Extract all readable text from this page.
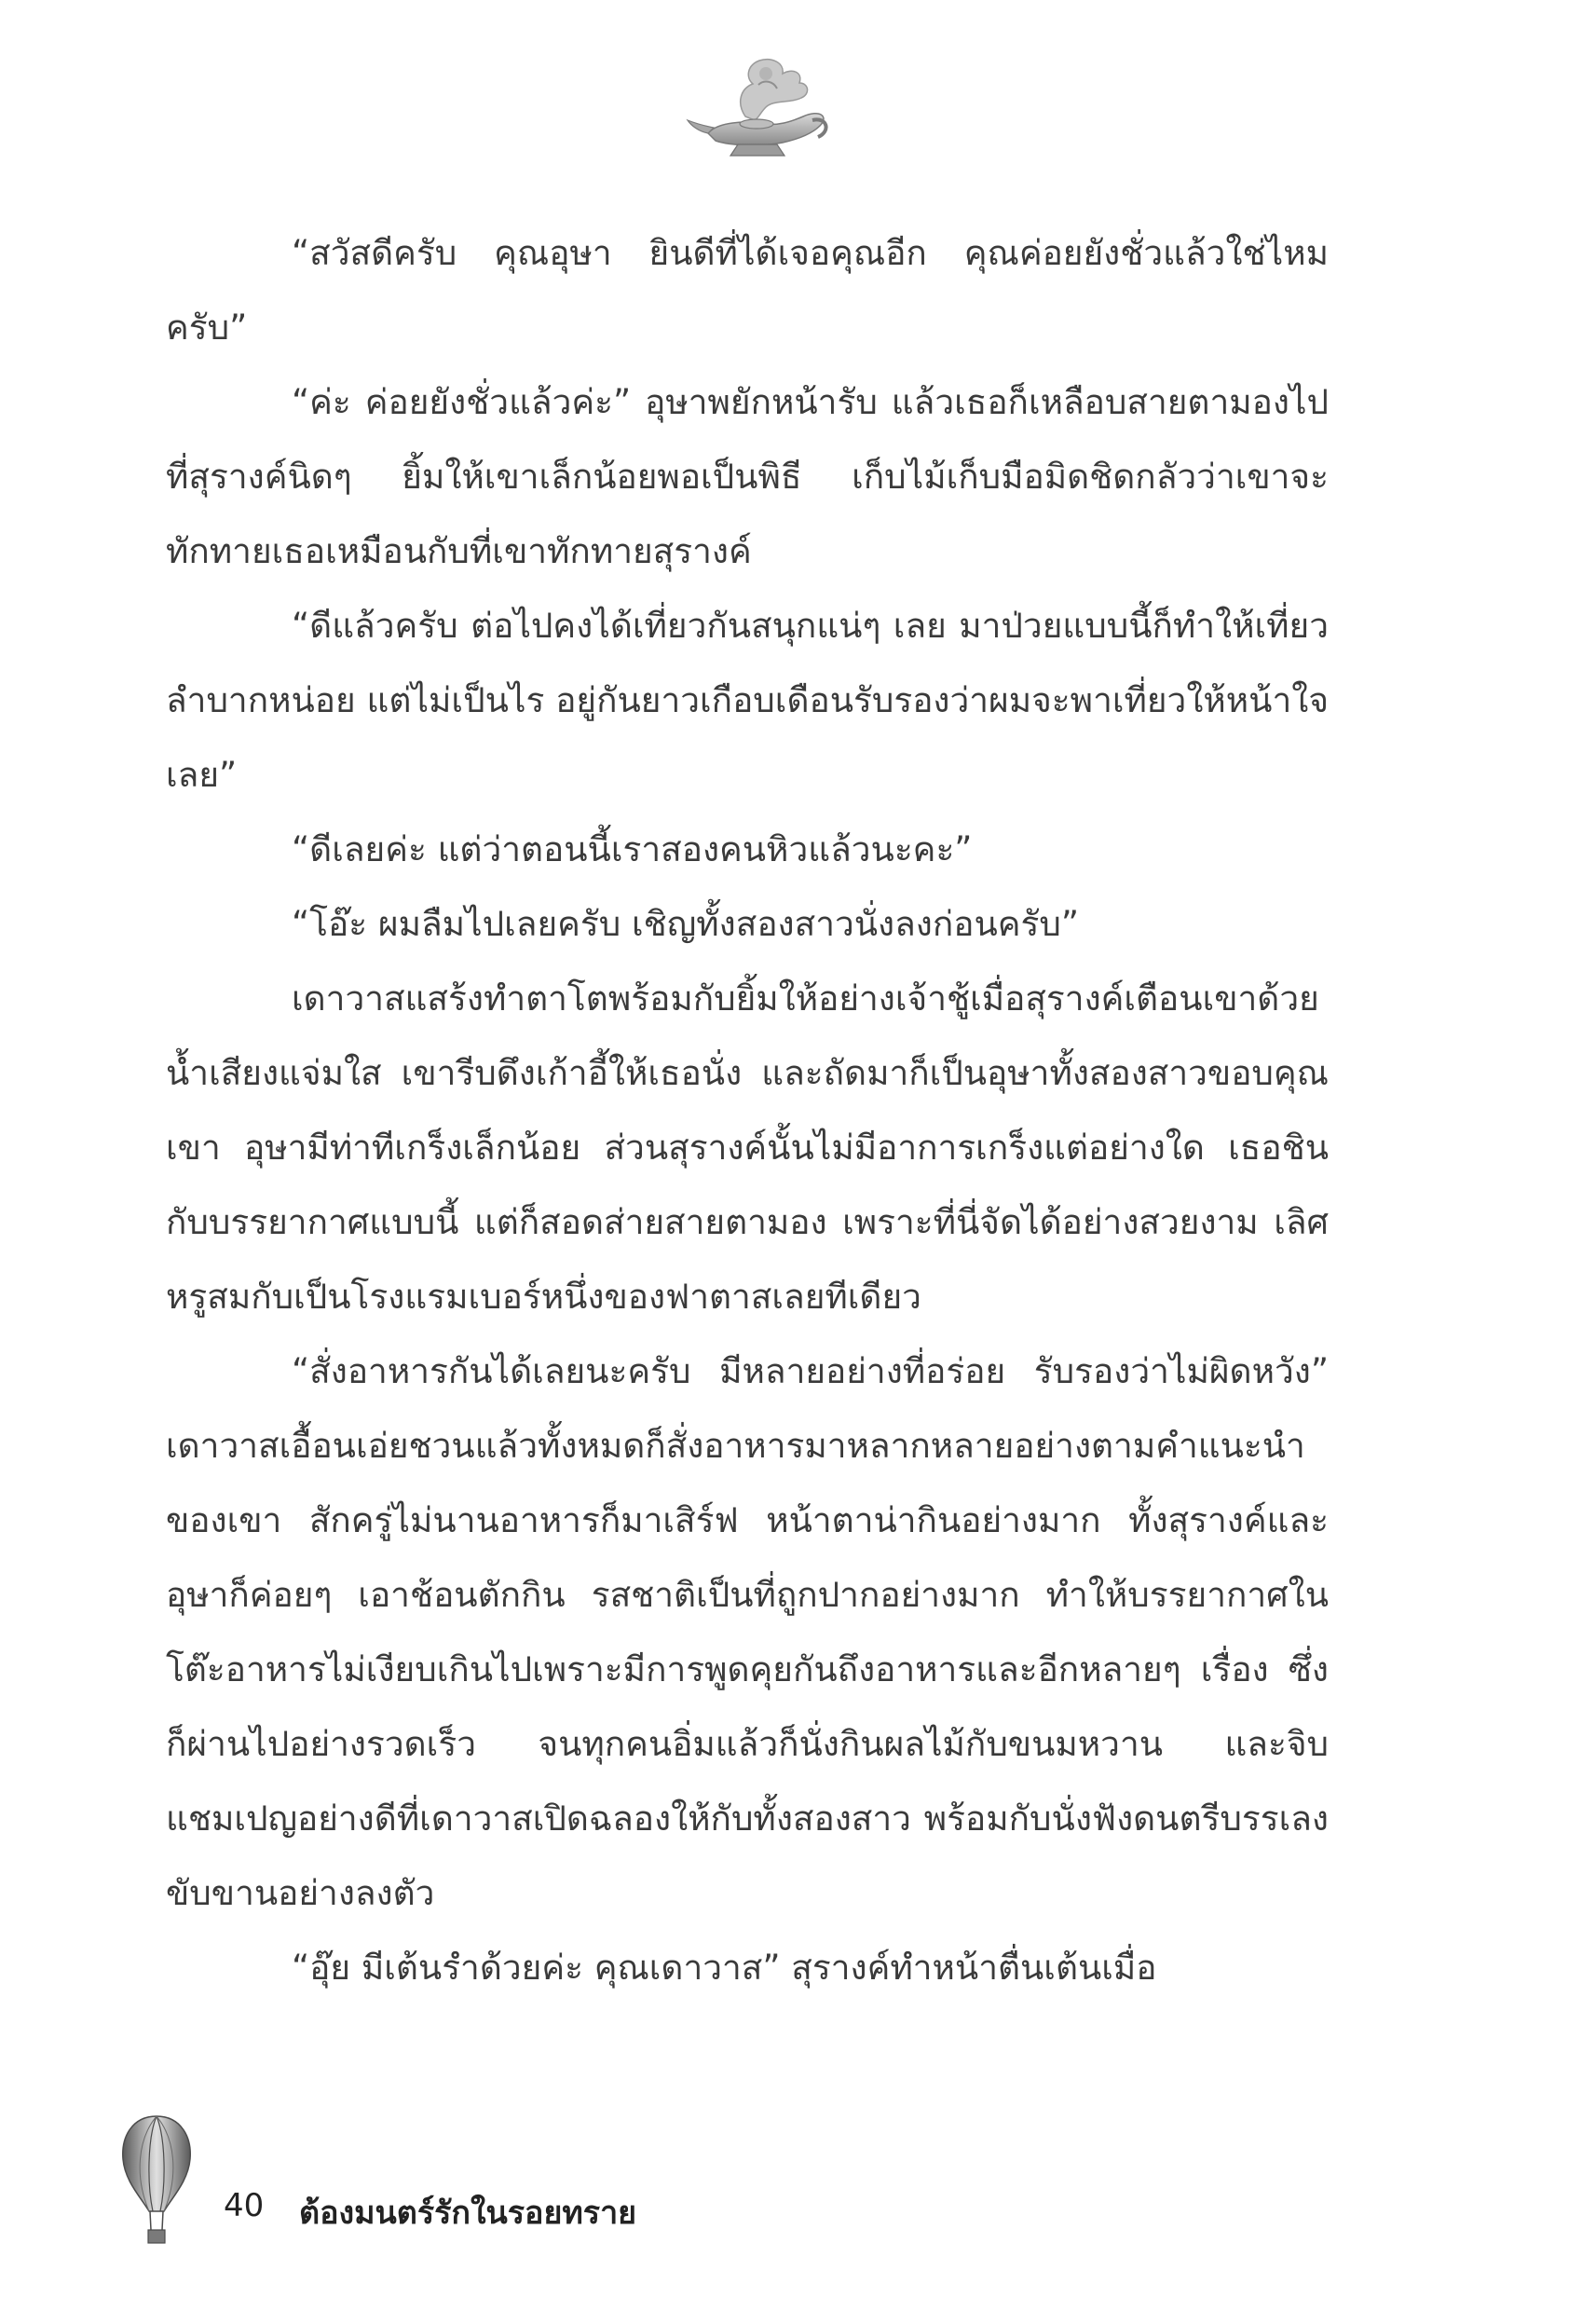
“สวัสดีครับ คุณอุษา ยินดีที่ได้เจอคุณอีก คุณค่อยยังชั่วแล้วใช่ไหมครับ”

“ค่ะ ค่อยยังชั่วแล้วค่ะ” อุษาพยักหน้ารับ แล้วเธอก็เหลือบสายตามองไปที่สุรางค์นิดๆ ยิ้มให้เขาเล็กน้อยพอเป็นพิธี เก็บไม้เก็บมือมิดชิดกลัวว่าเขาจะทักทายเธอเหมือนกับที่เขาทักทายสุรางค์

“ดีแล้วครับ ต่อไปคงได้เที่ยวกันสนุกแน่ๆ เลย มาป่วยแบบนี้ก็ทำให้เที่ยวลำบากหน่อย แต่ไม่เป็นไร อยู่กันยาวเกือบเดือนรับรองว่าผมจะพาเที่ยวให้หน้าใจเลย”

“ดีเลยค่ะ แต่ว่าตอนนี้เราสองคนหิวแล้วนะคะ”

“โอ๊ะ ผมลืมไปเลยครับ เชิญทั้งสองสาวนั่งลงก่อนครับ”

เดาวาสแสร้งทำตาโตพร้อมกับยิ้มให้อย่างเจ้าชู้เมื่อสุรางค์เตือนเขาด้วยน้ำเสียงแจ่มใส เขารีบดึงเก้าอี้ให้เธอนั่ง และถัดมาก็เป็นอุษาทั้งสองสาวขอบคุณเขา อุษามีท่าทีเกร็งเล็กน้อย ส่วนสุรางค์นั้นไม่มีอาการเกร็งแต่อย่างใด เธอชินกับบรรยากาศแบบนี้ แต่ก็สอดส่ายสายตามอง เพราะที่นี่จัดได้อย่างสวยงาม เลิศหรูสมกับเป็นโรงแรมเบอร์หนึ่งของฟาตาสเลยทีเดียว

“สั่งอาหารกันได้เลยนะครับ มีหลายอย่างที่อร่อย รับรองว่าไม่ผิดหวัง” เดาวาสเอื้อนเอ่ยชวนแล้วทั้งหมดก็สั่งอาหารมาหลากหลายอย่างตามคำแนะนำของเขา สักครู่ไม่นานอาหารก็มาเสิร์ฟ หน้าตาน่ากินอย่างมาก ทั้งสุรางค์และอุษาก็ค่อยๆ เอาช้อนตักกิน รสชาติเป็นที่ถูกปากอย่างมาก ทำให้บรรยากาศในโต๊ะอาหารไม่เงียบเกินไปเพราะมีการพูดคุยกันถึงอาหารและอีกหลายๆ เรื่อง ซึ่งก็ผ่านไปอย่างรวดเร็ว จนทุกคนอิ่มแล้วก็นั่งกินผลไม้กับขนมหวาน และจิบแชมเปญอย่างดีที่เดาวาสเปิดฉลองให้กับทั้งสองสาว พร้อมกับนั่งฟังดนตรีบรรเลงขับขานอย่างลงตัว

“อุ๊ย มีเต้นรำด้วยค่ะ คุณเดาวาส” สุรางค์ทำหน้าตื่นเต้นเมื่อ

40 ต้องมนตร์รักในรอยทราย
